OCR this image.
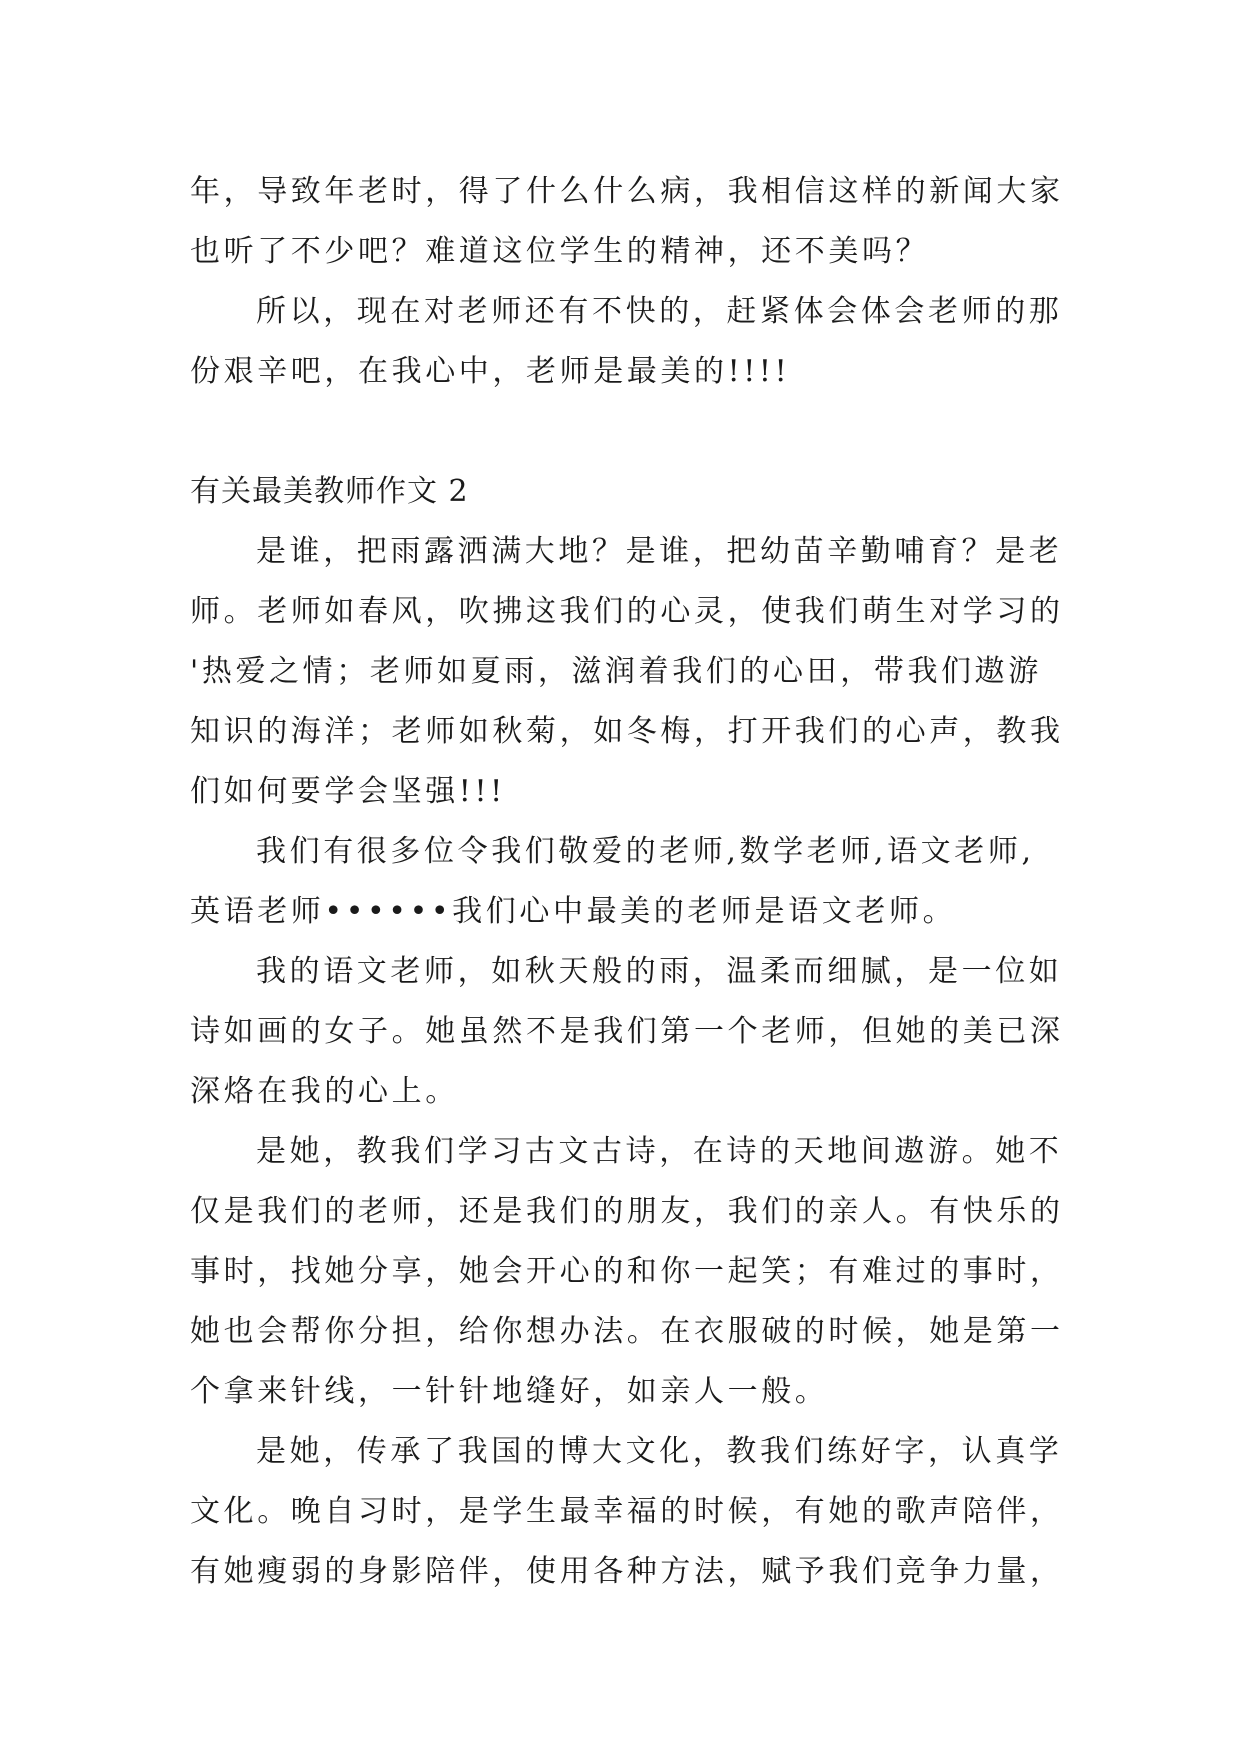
年，导致年老时，得了什么什么病，我相信这样的新闻大家
也听了不少吧？难道这位学生的精神，还不美吗？
所以，现在对老师还有不快的，赶紧体会体会老师的那
份艰辛吧，在我心中，老师是最美的!!!!
有关最美教师作文 2
是谁，把雨露洒满大地？是谁，把幼苗辛勤哺育？是老
师。老师如春风，吹拂这我们的心灵，使我们萌生对学习的
'热爱之情；老师如夏雨，滋润着我们的心田，带我们遨游
知识的海洋；老师如秋菊，如冬梅，打开我们的心声，教我
们如何要学会坚强!!!
我们有很多位令我们敬爱的老师,数学老师,语文老师,
英语老师••••••我们心中最美的老师是语文老师。
我的语文老师，如秋天般的雨，温柔而细腻，是一位如
诗如画的女子。她虽然不是我们第一个老师，但她的美已深
深烙在我的心上。
是她，教我们学习古文古诗，在诗的天地间遨游。她不
仅是我们的老师，还是我们的朋友，我们的亲人。有快乐的
事时，找她分享，她会开心的和你一起笑；有难过的事时，
她也会帮你分担，给你想办法。在衣服破的时候，她是第一
个拿来针线，一针针地缝好，如亲人一般。
是她，传承了我国的博大文化，教我们练好字，认真学
文化。晚自习时，是学生最幸福的时候，有她的歌声陪伴，
有她瘦弱的身影陪伴，使用各种方法，赋予我们竞争力量，
